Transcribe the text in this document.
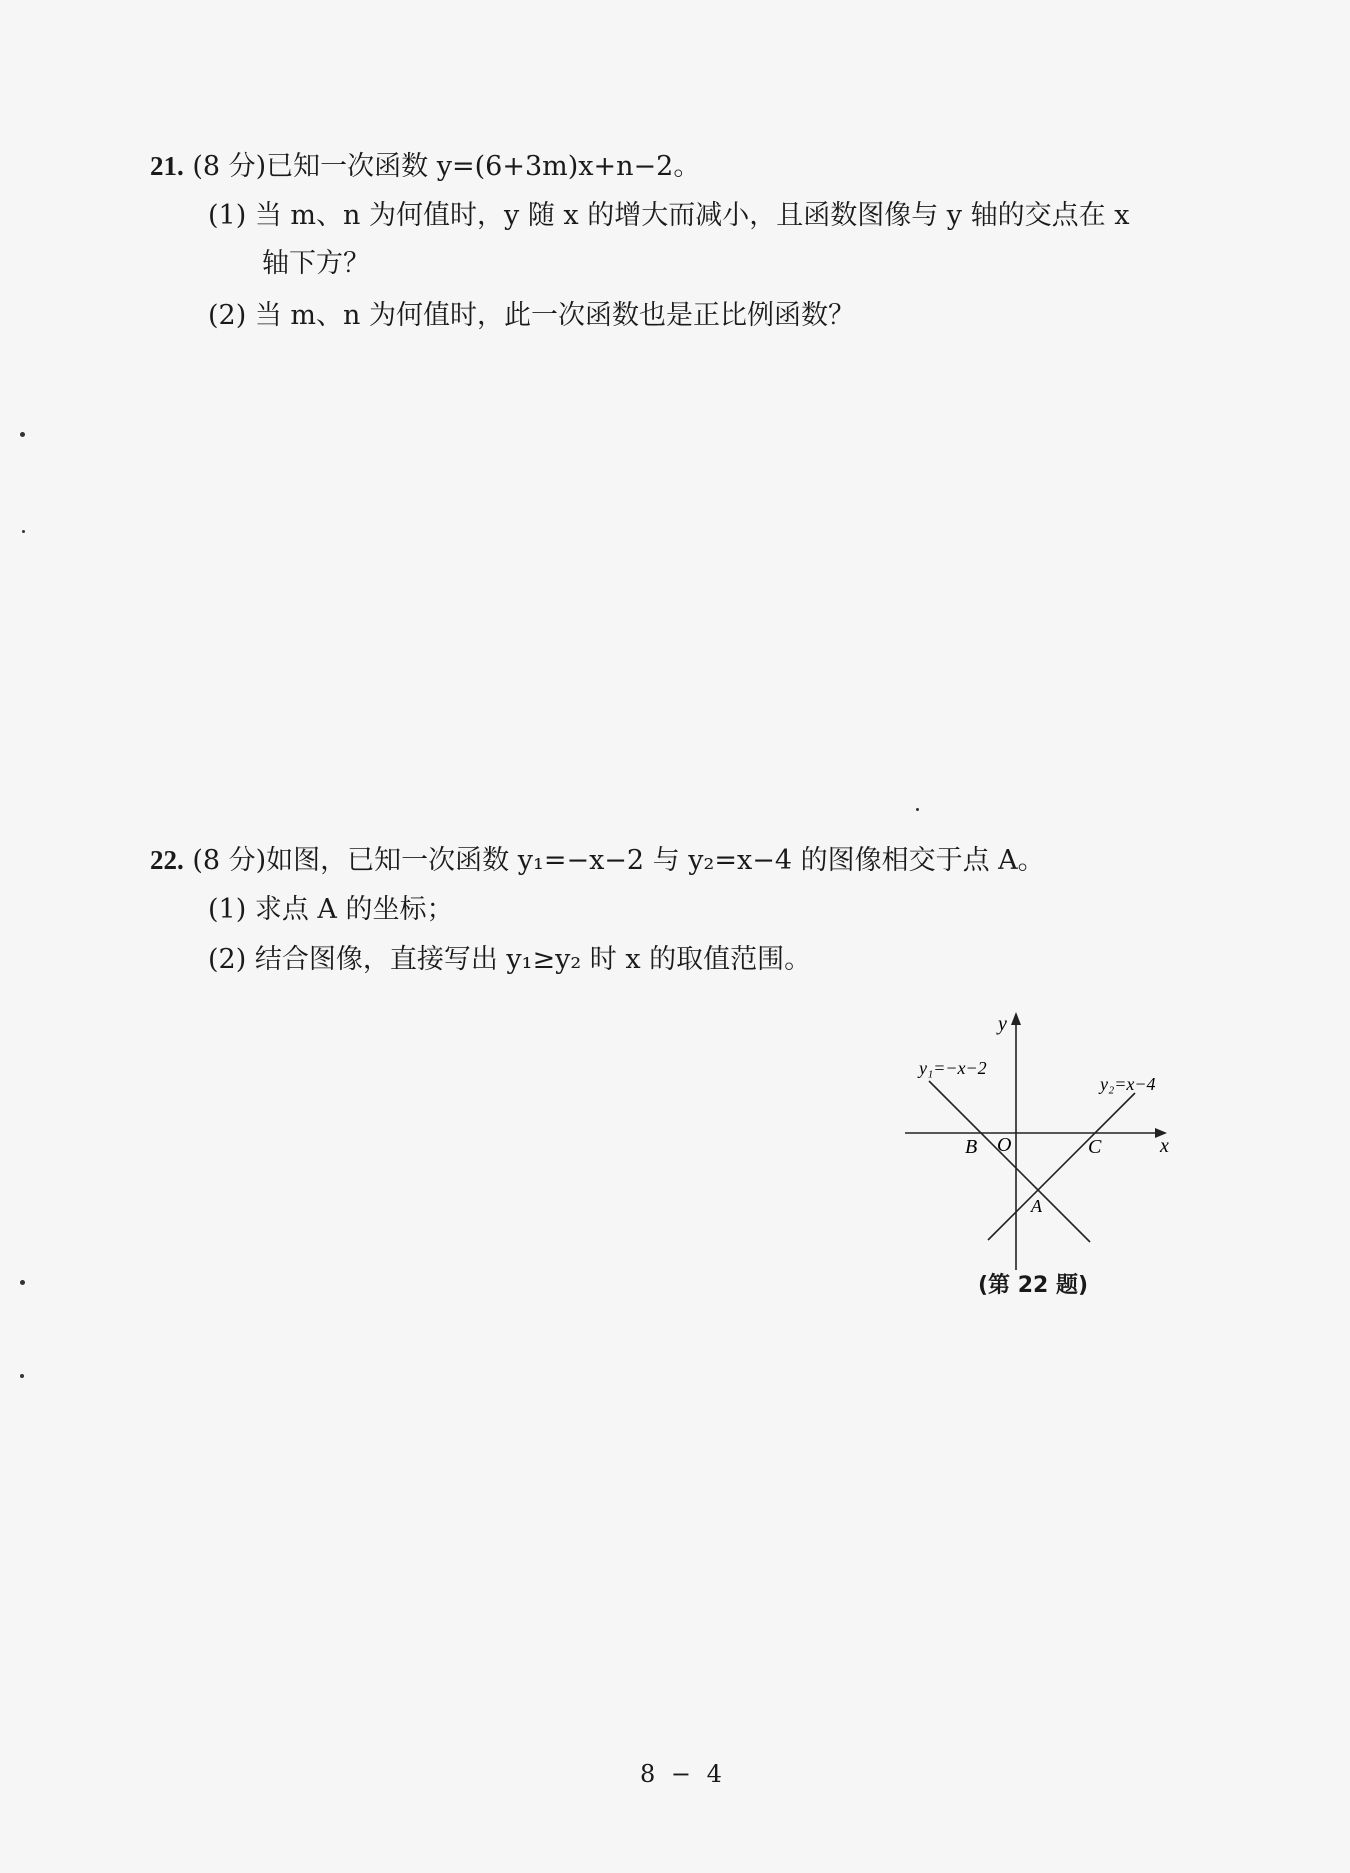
21. (8 分)已知一次函数 y=(6+3m)x+n−2。
(1) 当 m、n 为何值时，y 随 x 的增大而减小，且函数图像与 y 轴的交点在 x
轴下方？
(2) 当 m、n 为何值时，此一次函数也是正比例函数？
22. (8 分)如图，已知一次函数 y₁=−x−2 与 y₂=x−4 的图像相交于点 A。
(1) 求点 A 的坐标；
(2) 结合图像，直接写出 y₁≥y₂ 时 x 的取值范围。
x
y
y₁=−x−2
y₂=x−4
B O	C
A
(第 22 题)
8 − 4
